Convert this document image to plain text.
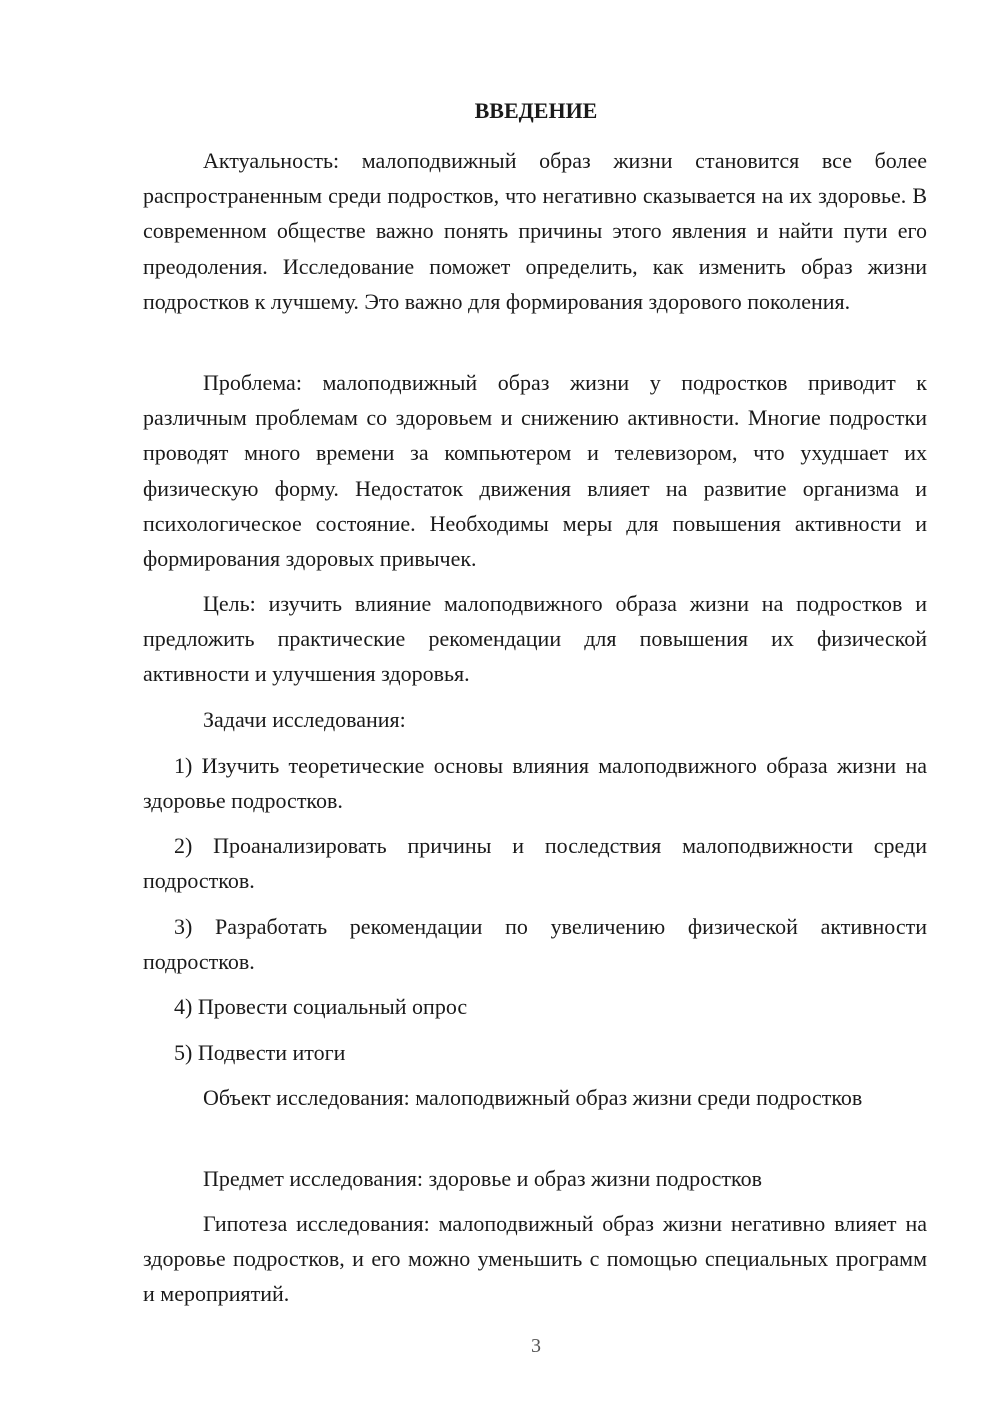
ВВЕДЕНИЕ

Актуальность: малоподвижный образ жизни становится все более распространенным среди подростков, что негативно сказывается на их здоровье. В современном обществе важно понять причины этого явления и найти пути его преодоления. Исследование поможет определить, как изменить образ жизни подростков к лучшему. Это важно для формирования здорового поколения.

Проблема: малоподвижный образ жизни у подростков приводит к различным проблемам со здоровьем и снижению активности. Многие подростки проводят много времени за компьютером и телевизором, что ухудшает их физическую форму. Недостаток движения влияет на развитие организма и психологическое состояние. Необходимы меры для повышения активности и формирования здоровых привычек.

Цель: изучить влияние малоподвижного образа жизни на подростков и предложить практические рекомендации для повышения их физической активности и улучшения здоровья.

Задачи исследования:

1) Изучить теоретические основы влияния малоподвижного образа жизни на здоровье подростков.

2) Проанализировать причины и последствия малоподвижности среди подростков.

3) Разработать рекомендации по увеличению физической активности подростков.

4) Провести социальный опрос

5) Подвести итоги

Объект исследования: малоподвижный образ жизни среди подростков

Предмет исследования: здоровье и образ жизни подростков

Гипотеза исследования: малоподвижный образ жизни негативно влияет на здоровье подростков, и его можно уменьшить с помощью специальных программ и мероприятий.

3
